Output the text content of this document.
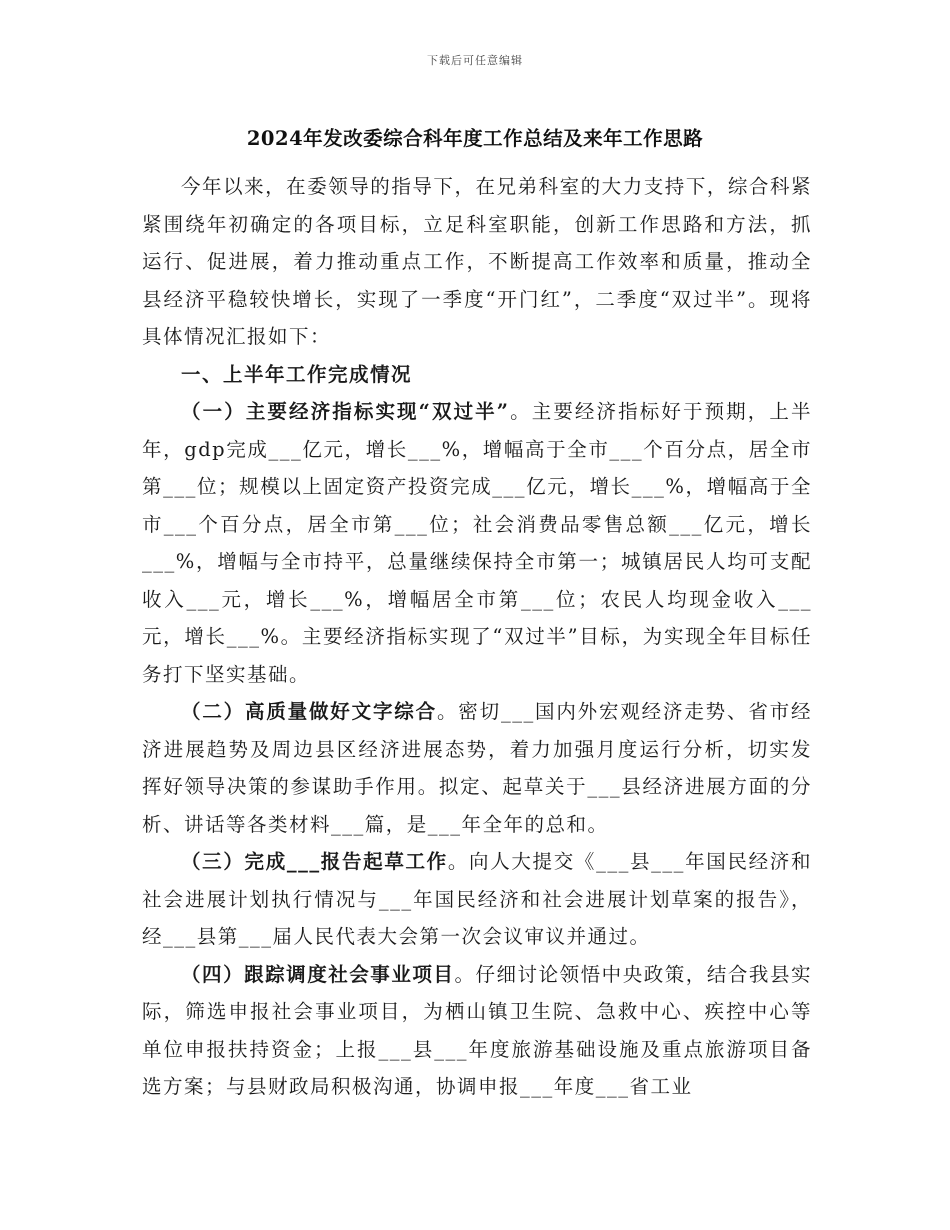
下载后可任意编辑
2024年发改委综合科年度工作总结及来年工作思路

今年以来，在委领导的指导下，在兄弟科室的大力支持下，综合科紧紧围绕年初确定的各项目标，立足科室职能，创新工作思路和方法，抓运行、促进展，着力推动重点工作，不断提高工作效率和质量，推动全县经济平稳较快增长，实现了一季度“开门红”，二季度“双过半”。现将具体情况汇报如下：

一、上半年工作完成情况

（一）主要经济指标实现“双过半”。主要经济指标好于预期，上半年，gdp完成___亿元，增长___%，增幅高于全市___个百分点，居全市第___位；规模以上固定资产投资完成___亿元，增长___%，增幅高于全市___个百分点，居全市第___位；社会消费品零售总额___亿元，增长___%，增幅与全市持平，总量继续保持全市第一；城镇居民人均可支配收入___元，增长___%，增幅居全市第___位；农民人均现金收入___元，增长___%。主要经济指标实现了“双过半”目标，为实现全年目标任务打下坚实基础。

（二）高质量做好文字综合。密切___国内外宏观经济走势、省市经济进展趋势及周边县区经济进展态势，着力加强月度运行分析，切实发挥好领导决策的参谋助手作用。拟定、起草关于___县经济进展方面的分析、讲话等各类材料___篇，是___年全年的总和。

（三）完成___报告起草工作。向人大提交《___县___年国民经济和社会进展计划执行情况与___年国民经济和社会进展计划草案的报告》，经___县第___届人民代表大会第一次会议审议并通过。

（四）跟踪调度社会事业项目。仔细讨论领悟中央政策，结合我县实际，筛选申报社会事业项目，为栖山镇卫生院、急救中心、疾控中心等单位申报扶持资金；上报___县___年度旅游基础设施及重点旅游项目备选方案；与县财政局积极沟通，协调申报___年度___省工业
